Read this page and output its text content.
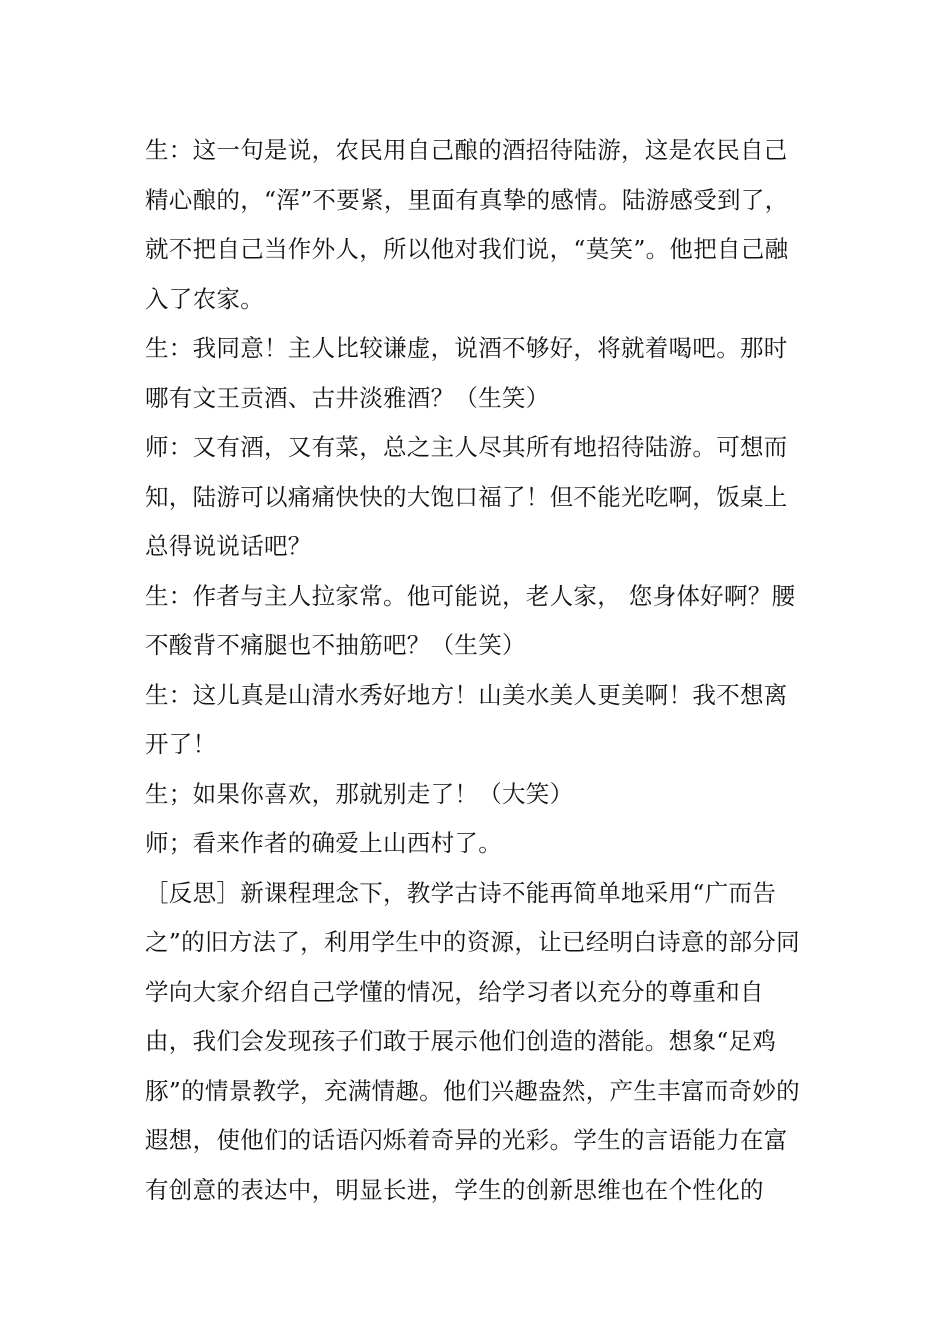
生：这一句是说，农民用自己酿的酒招待陆游，这是农民自己精心酿的，“浑”不要紧，里面有真挚的感情。陆游感受到了，就不把自己当作外人，所以他对我们说，“莫笑”。他把自己融入了农家。

生：我同意！主人比较谦虚，说酒不够好，将就着喝吧。那时哪有文王贡酒、古井淡雅酒？（生笑）

师：又有酒，又有菜，总之主人尽其所有地招待陆游。可想而知，陆游可以痛痛快快的大饱口福了！但不能光吃啊，饭桌上总得说说话吧？

生：作者与主人拉家常。他可能说，老人家， 您身体好啊？腰不酸背不痛腿也不抽筋吧？（生笑）

生：这儿真是山清水秀好地方！山美水美人更美啊！我不想离开了！

生；如果你喜欢，那就别走了！（大笑）

师；看来作者的确爱上山西村了。

［反思］新课程理念下，教学古诗不能再简单地采用“广而告之”的旧方法了，利用学生中的资源，让已经明白诗意的部分同学向大家介绍自己学懂的情况，给学习者以充分的尊重和自由，我们会发现孩子们敢于展示他们创造的潜能。想象“足鸡豚”的情景教学，充满情趣。他们兴趣盎然，产生丰富而奇妙的遐想，使他们的话语闪烁着奇异的光彩。学生的言语能力在富有创意的表达中，明显长进，学生的创新思维也在个性化的
